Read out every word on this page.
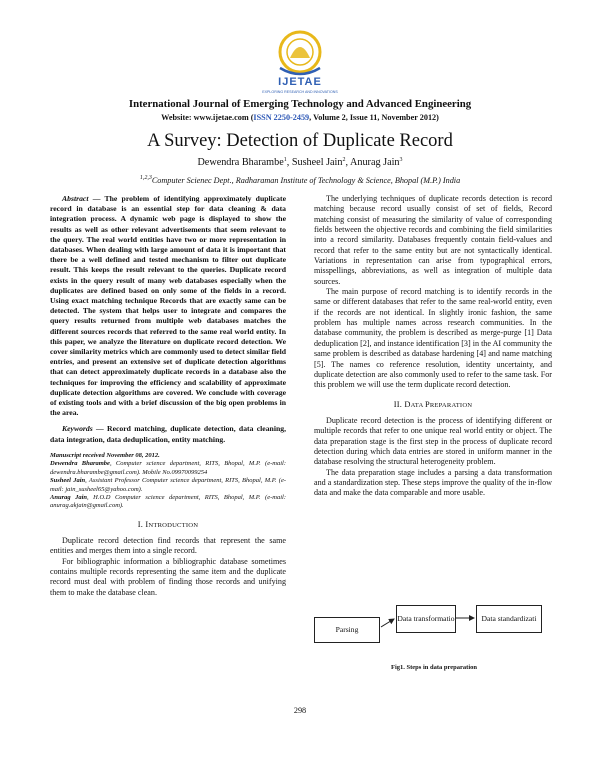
IJETAE
EXPLORING RESEARCH AND INNOVATIONS
International Journal of Emerging Technology and Advanced Engineering
Website: www.ijetae.com (ISSN 2250-2459, Volume 2, Issue 11, November 2012)
A Survey: Detection of Duplicate Record
Dewendra Bharambe$^1$, Susheel Jain$^2$, Anurag Jain$^3$
$^{1,2,3}$Computer Scienec Dept., Radharaman Institute of Technology & Science, Bhopal (M.P.) India

Abstract — The problem of identifying approximately duplicate record in database is an essential step for data cleaning & data integration process. A dynamic web page is displayed to show the results as well as other relevant advertisements that seem relevant to the query. The real world entities have two or more representation in databases. When dealing with large amount of data it is important that there be a well defined and tested mechanism to filter out duplicate result. This keeps the result relevant to the queries. Duplicate record exists in the query result of many web databases especially when the duplicates are defined based on only some of the fields in a record. Using exact matching technique Records that are exactly same can be detected. The system that helps user to integrate and compares the query results returned from multiple web databases matches the different sources records that referred to the same real world entity. In this paper, we analyze the literature on duplicate record detection. We cover similarity metrics which are commonly used to detect similar field entries, and present an extensive set of duplicate detection algorithms that can detect approximately duplicate records in a database also the techniques for improving the efficiency and scalability of approximate duplicate detection algorithms are covered. We conclude with coverage of existing tools and with a brief discussion of the big open problems in the area.

Keywords — Record matching, duplicate detection, data cleaning, data integration, data deduplication, entity matching.

Manuscript received November 08, 2012.
Dewendra Bharambe, Computer science department, RITS, Bhopal, M.P. (e-mail: dewendra.bharambe@gmail.com). Mobile No.09970099254
Susheel Jain, Assistant Professor Computer science department, RITS, Bhopal, M.P. (e-mail: jain_susheel65@yahoo.com).
Anurag Jain, H.O.D Computer science department, RITS, Bhopal, M.P. (e-mail: anurag.akjain@gmail.com).

I. INTRODUCTION

Duplicate record detection find records that represent the same entities and merges them into a single record.

For bibliographic information a bibliographic database sometimes contains multiple records representing the same item and the duplicate record must deal with problem of finding those records and unifying them to make the database clean.

The underlying techniques of duplicate records detection is record matching because record usually consist of set of fields, Record matching consist of measuring the similarity of value of corresponding fields between the objective records and combining the field similarities into a record similarity. Databases frequently contain field-values and record that refer to the same entity but are not syntactically identical. Variations in representation can arise from typographical errors, misspellings, abbreviations, as well as integration of multiple data sources.

The main purpose of record matching is to identify records in the same or different databases that refer to the same real-world entity, even if the records are not identical. In slightly ironic fashion, the same problem has multiple names across research communities. In the database community, the problem is described as merge-purge [1] Data deduplication [2], and instance identification [3] in the AI community the same problem is described as database hardening [4] and name matching [5]. The names co reference resolution, identity uncertainty, and duplicate detection are also commonly used to refer to the same task. For this problem we will use the term duplicate record detection.

II. DATA PREPARATION

Duplicate record detection is the process of identifying different or multiple records that refer to one unique real world entity or object. The data preparation stage is the first step in the process of duplicate record detection during which data entries are stored in uniform manner in the database resolving the structural heterogeneity problem.

The data preparation stage includes a parsing a data transformation and a standardization step. These steps improve the quality of the in-flow data and make the data comparable and more usable.

Parsing
Data transformatio	Data standardizati
Fig1. Steps in data preparation
298
